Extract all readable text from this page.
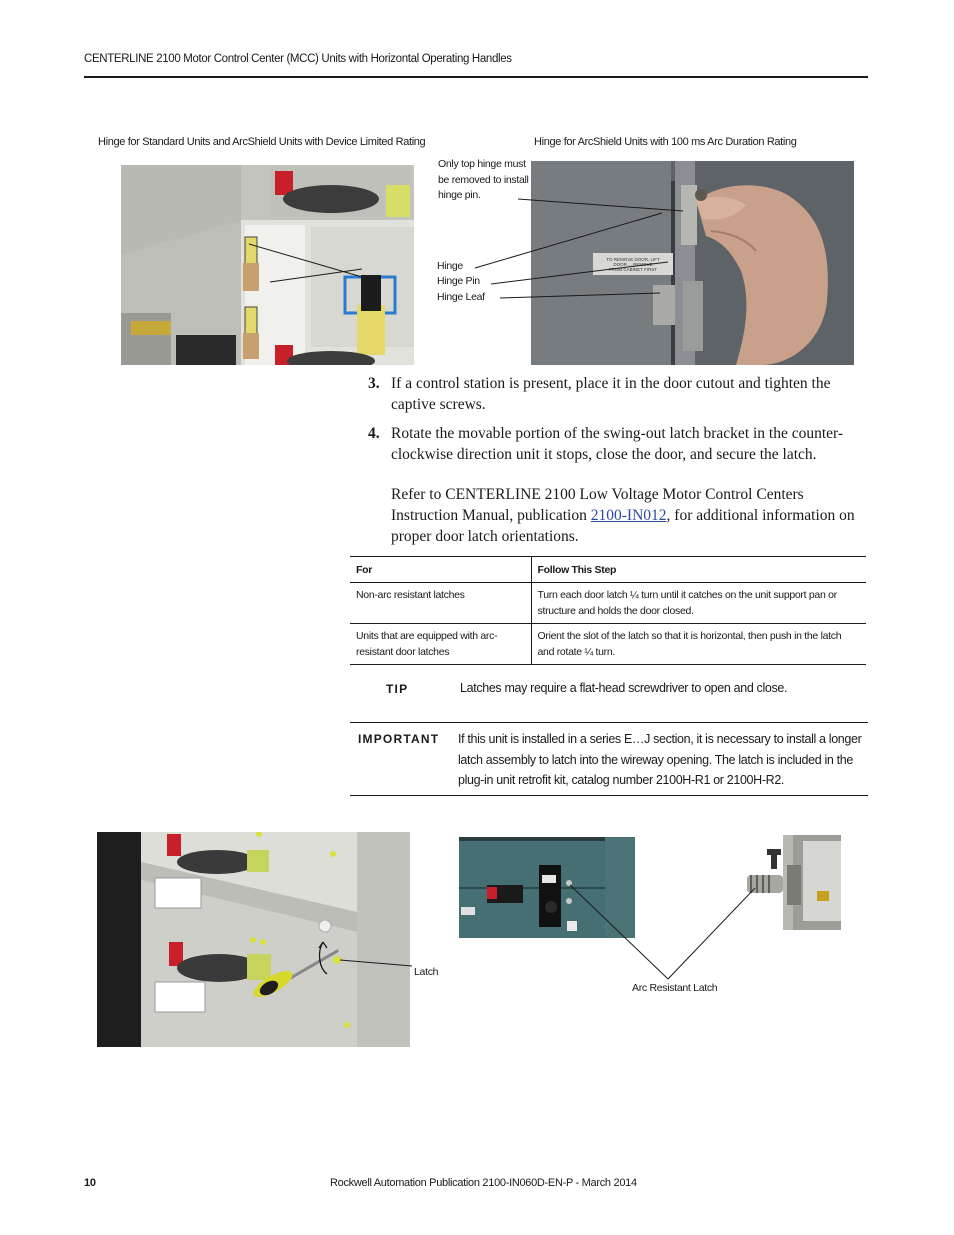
CENTERLINE 2100 Motor Control Center (MCC) Units with Horizontal Operating Handles
Hinge for Standard Units and ArcShield Units with Device Limited Rating	Hinge for ArcShield Units with 100 ms Arc Duration Rating
TO REMOVE DOOR, LIFT
DOOR ... REMOVE
FROM CABINET FIRST
Only top hinge must
be removed to install
hinge pin.
Hinge
Hinge Pin
Hinge Leaf
3. If a control station is present, place it in the door cutout and tighten the captive screws.
4. Rotate the movable portion of the swing-out latch bracket in the counter-clockwise direction unit it stops, close the door, and secure the latch.
Refer to CENTERLINE 2100 Low Voltage Motor Control Centers Instruction Manual, publication 2100-IN012, for additional information on proper door latch orientations.
For	Follow This Step
Non-arc resistant latches	Turn each door latch ¼ turn until it catches on the unit support pan or structure and holds the door closed.
Units that are equipped with arc-resistant door latches	Orient the slot of the latch so that it is horizontal, then push in the latch and rotate ¼ turn.
TIP	Latches may require a flat-head screwdriver to open and close.
IMPORTANT If this unit is installed in a series E…J section, it is necessary to install a longer latch assembly to latch into the wireway opening. The latch is included in the plug-in unit retrofit kit, catalog number 2100H-R1 or 2100H-R2.
Latch
Arc Resistant Latch
10	Rockwell Automation Publication 2100-IN060D-EN-P - March 2014
